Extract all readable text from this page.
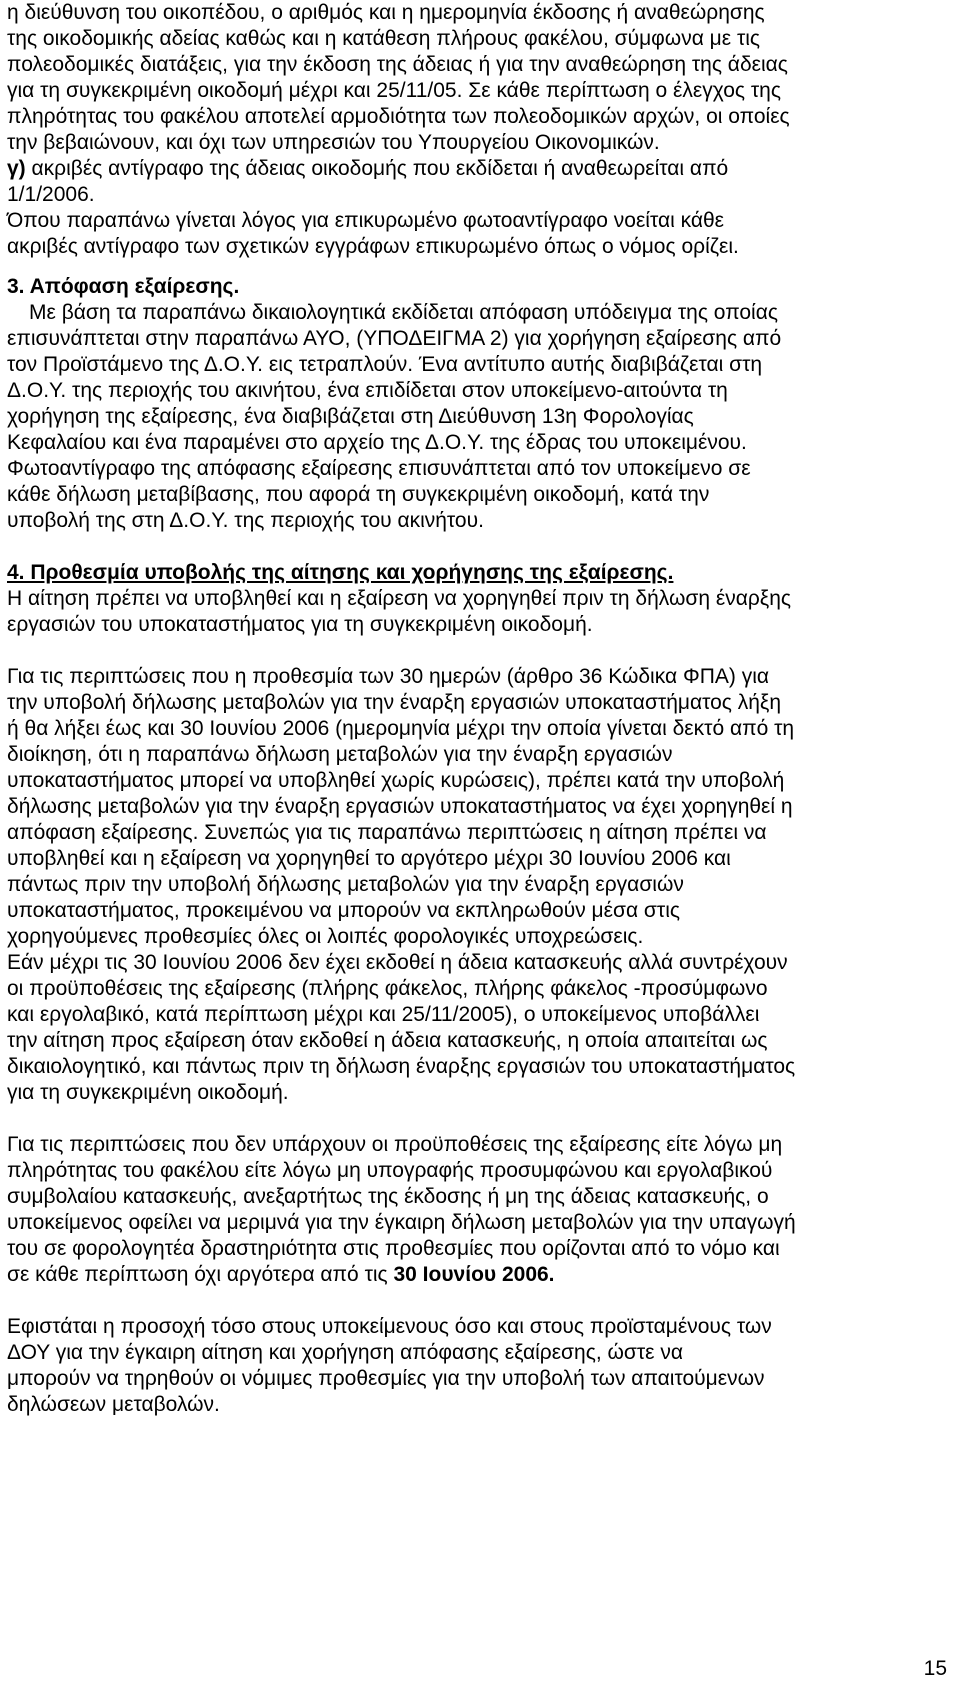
η διεύθυνση του οικοπέδου, ο αριθμός και η ημερομηνία έκδοσης ή αναθεώρησης
της οικοδομικής αδείας καθώς και η κατάθεση πλήρους φακέλου, σύμφωνα με τις
πολεοδομικές διατάξεις, για την έκδοση της άδειας ή για την αναθεώρηση της άδειας
για τη συγκεκριμένη οικοδομή μέχρι και 25/11/05. Σε κάθε περίπτωση ο έλεγχος της
πληρότητας του φακέλου αποτελεί αρμοδιότητα των πολεοδομικών αρχών, οι οποίες
την βεβαιώνουν, και όχι των υπηρεσιών του Υπουργείου Οικονομικών.
γ) ακριβές αντίγραφο της άδειας οικοδομής που εκδίδεται ή αναθεωρείται από
1/1/2006.
Όπου παραπάνω γίνεται λόγος για επικυρωμένο φωτοαντίγραφο νοείται κάθε
ακριβές αντίγραφο των σχετικών εγγράφων επικυρωμένο όπως ο νόμος ορίζει.
3. Απόφαση εξαίρεσης.
Με βάση τα παραπάνω δικαιολογητικά εκδίδεται απόφαση υπόδειγμα της οποίας
επισυνάπτεται στην παραπάνω ΑΥΟ, (ΥΠΟΔΕΙΓΜΑ 2) για χορήγηση εξαίρεσης από
τον Προϊστάμενο της Δ.Ο.Υ. εις τετραπλούν. Ένα αντίτυπο αυτής διαβιβάζεται στη
Δ.Ο.Υ. της περιοχής του ακινήτου, ένα επιδίδεται στον υποκείμενο-αιτούντα τη
χορήγηση της εξαίρεσης, ένα διαβιβάζεται στη Διεύθυνση 13η Φορολογίας
Κεφαλαίου και ένα παραμένει στο αρχείο της Δ.Ο.Υ. της έδρας του υποκειμένου.
Φωτοαντίγραφο της απόφασης εξαίρεσης επισυνάπτεται από τον υποκείμενο σε
κάθε δήλωση μεταβίβασης, που αφορά τη συγκεκριμένη οικοδομή, κατά την
υποβολή της στη Δ.Ο.Υ. της περιοχής του ακινήτου.
4. Προθεσμία υποβολής της αίτησης και χορήγησης της εξαίρεσης.
Η αίτηση πρέπει να υποβληθεί και η εξαίρεση να χορηγηθεί πριν τη δήλωση έναρξης
εργασιών του υποκαταστήματος για τη συγκεκριμένη οικοδομή.
Για τις περιπτώσεις που η προθεσμία των 30 ημερών (άρθρο 36 Κώδικα ΦΠΑ) για
την υποβολή δήλωσης μεταβολών για την έναρξη εργασιών υποκαταστήματος λήξη
ή θα λήξει έως και 30 Ιουνίου 2006 (ημερομηνία μέχρι την οποία γίνεται δεκτό από τη
διοίκηση, ότι η παραπάνω δήλωση μεταβολών για την έναρξη εργασιών
υποκαταστήματος μπορεί να υποβληθεί χωρίς κυρώσεις), πρέπει κατά την υποβολή
δήλωσης μεταβολών για την έναρξη εργασιών υποκαταστήματος να έχει χορηγηθεί η
απόφαση εξαίρεσης. Συνεπώς για τις παραπάνω περιπτώσεις η αίτηση πρέπει να
υποβληθεί και η εξαίρεση να χορηγηθεί το αργότερο μέχρι 30 Ιουνίου 2006 και
πάντως πριν την υποβολή δήλωσης μεταβολών για την έναρξη εργασιών
υποκαταστήματος, προκειμένου να μπορούν να εκπληρωθούν μέσα στις
χορηγούμενες προθεσμίες όλες οι λοιπές φορολογικές υποχρεώσεις.
Εάν μέχρι τις 30 Ιουνίου 2006 δεν έχει εκδοθεί η άδεια κατασκευής αλλά συντρέχουν
οι προϋποθέσεις της εξαίρεσης (πλήρης φάκελος, πλήρης φάκελος -προσύμφωνο
και εργολαβικό, κατά περίπτωση μέχρι και 25/11/2005), ο υποκείμενος υποβάλλει
την αίτηση προς εξαίρεση όταν εκδοθεί η άδεια κατασκευής, η οποία απαιτείται ως
δικαιολογητικό, και πάντως πριν τη δήλωση έναρξης εργασιών του υποκαταστήματος
για τη συγκεκριμένη οικοδομή.
Για τις περιπτώσεις που δεν υπάρχουν οι προϋποθέσεις της εξαίρεσης είτε λόγω μη
πληρότητας του φακέλου είτε λόγω μη υπογραφής προσυμφώνου και εργολαβικού
συμβολαίου κατασκευής, ανεξαρτήτως της έκδοσης ή μη της άδειας κατασκευής, ο
υποκείμενος οφείλει να μεριμνά για την έγκαιρη δήλωση μεταβολών για την υπαγωγή
του σε φορολογητέα δραστηριότητα στις προθεσμίες που ορίζονται από το νόμο και
σε κάθε περίπτωση όχι αργότερα από τις 30 Ιουνίου 2006.
Εφιστάται η προσοχή τόσο στους υποκείμενους όσο και στους προϊσταμένους των
ΔΟΥ για την έγκαιρη αίτηση και χορήγηση απόφασης εξαίρεσης, ώστε να
μπορούν να τηρηθούν οι νόμιμες προθεσμίες για την υποβολή των απαιτούμενων
δηλώσεων μεταβολών.
15
